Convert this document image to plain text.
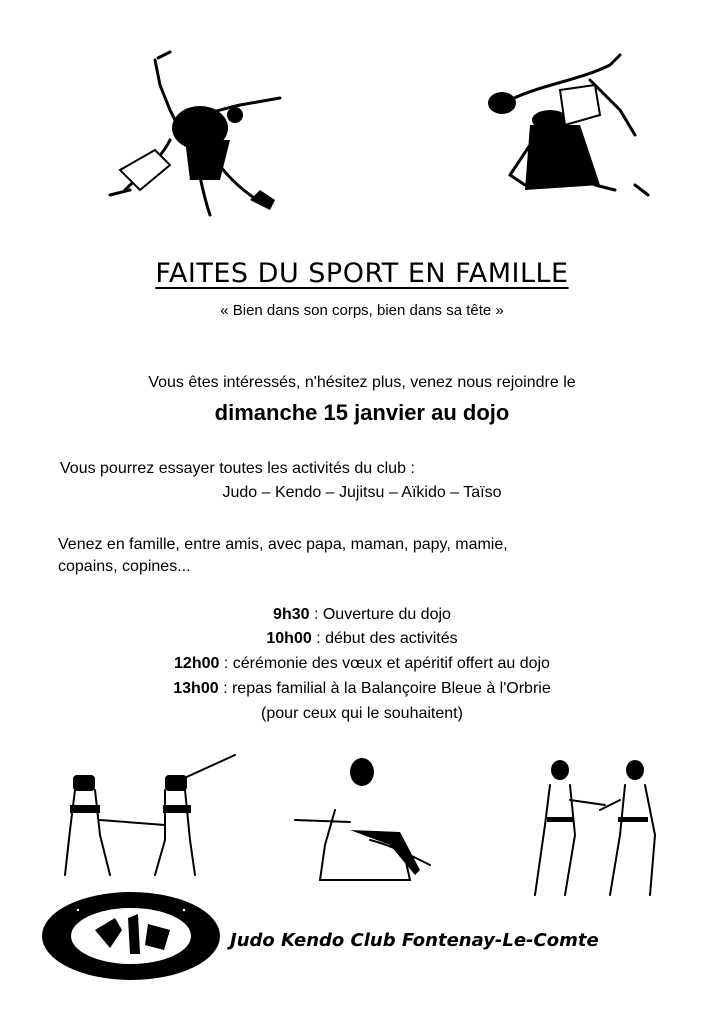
FAITES DU SPORT EN FAMILLE
« Bien dans son corps, bien dans sa tête »
Vous êtes intéressés, n'hésitez plus, venez nous rejoindre le
dimanche 15 janvier au dojo
Vous pourrez essayer toutes les activités du club :
Judo – Kendo – Jujitsu – Aïkido – Taïso
Venez en famille, entre amis, avec papa, maman, papy, mamie,
copains, copines...
9h30 : Ouverture du dojo
10h00 : début des activités
12h00 : cérémonie des vœux et apéritif offert au dojo
13h00 : repas familial à la Balançoire Bleue à l'Orbrie
(pour ceux qui le souhaitent)
Judo Kendo Club Fontenay-Le-Comte
